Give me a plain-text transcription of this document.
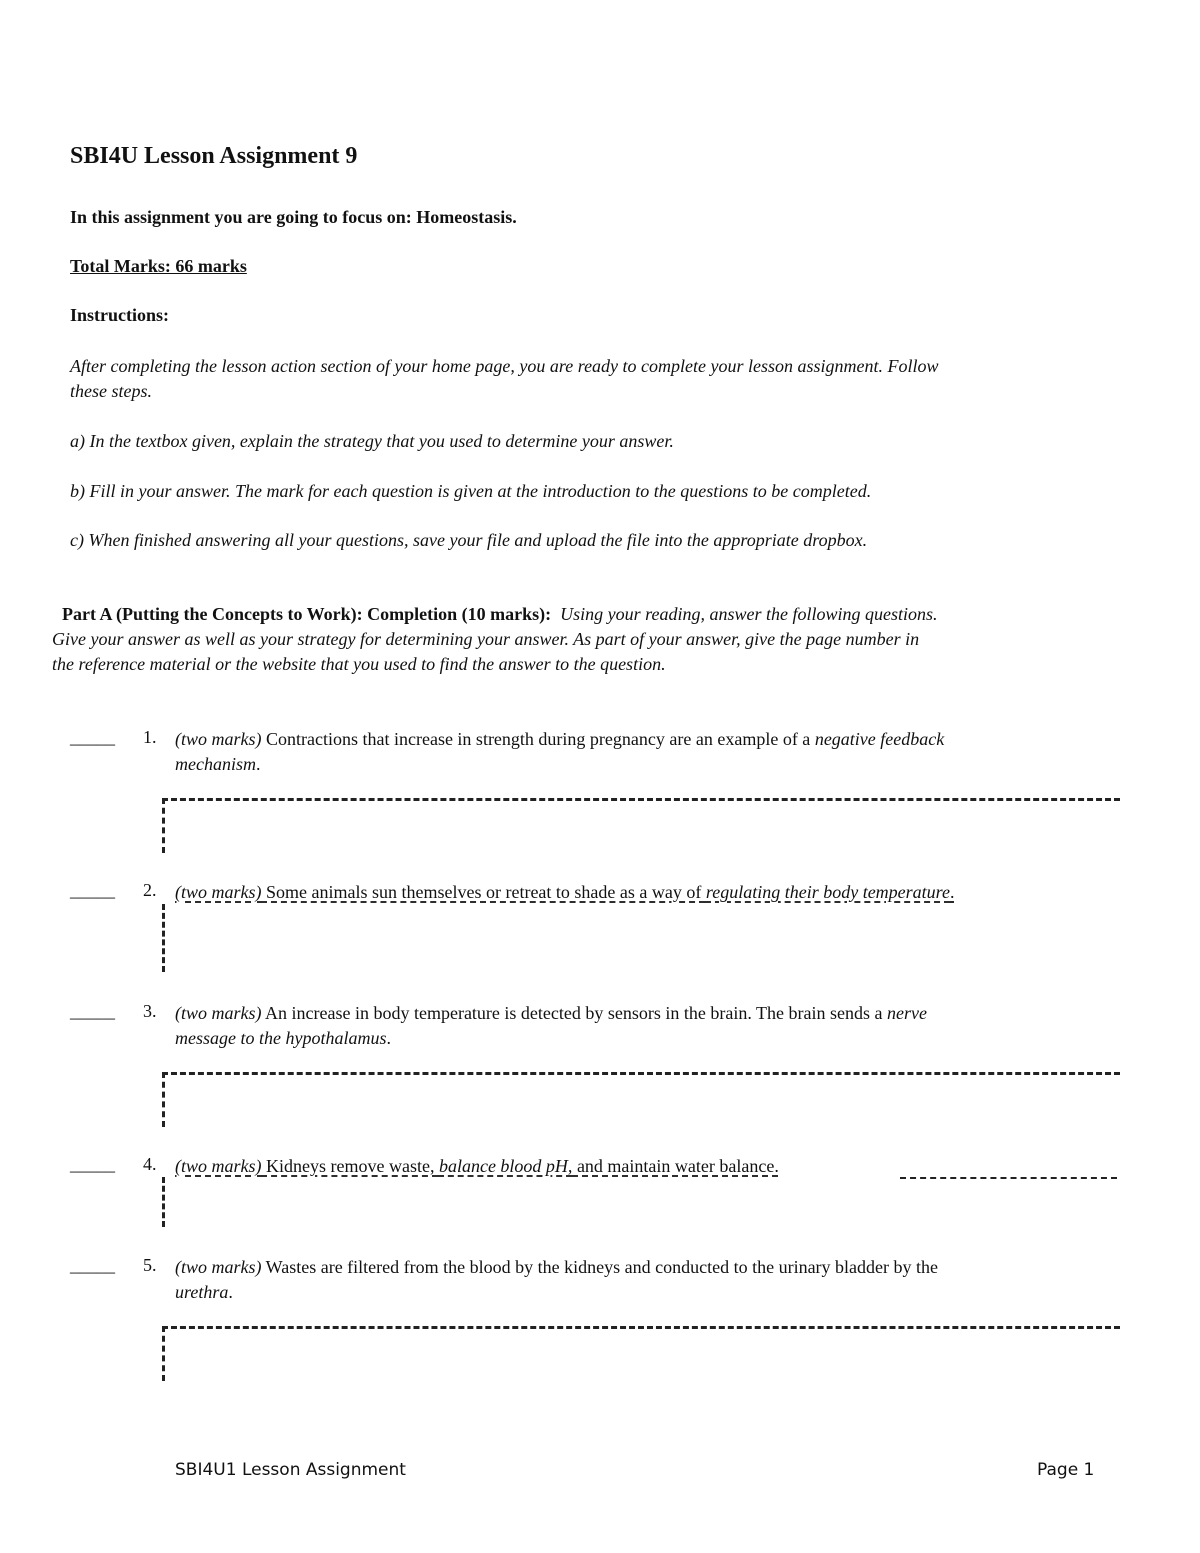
SBI4U Lesson Assignment 9
In this assignment you are going to focus on: Homeostasis.
Total Marks: 66 marks
Instructions:
After completing the lesson action section of your home page, you are ready to complete your lesson assignment. Follow
these steps.
a) In the textbox given, explain the strategy that you used to determine your answer.
b) Fill in your answer. The mark for each question is given at the introduction to the questions to be completed.
c) When finished answering all your questions, save your file and upload the file into the appropriate dropbox.
Part A (Putting the Concepts to Work): Completion (10 marks): Using your reading, answer the following questions.
Give your answer as well as your strategy for determining your answer. As part of your answer, give the page number in
the reference material or the website that you used to find the answer to the question.
_____ 1. (two marks) Contractions that increase in strength during pregnancy are an example of a negative feedback
mechanism.
_____ 2. (two marks) Some animals sun themselves or retreat to shade as a way of regulating their body temperature.
_____ 3. (two marks) An increase in body temperature is detected by sensors in the brain. The brain sends a nerve
message to the hypothalamus.
_____ 4. (two marks) Kidneys remove waste, balance blood pH, and maintain water balance.
_____ 5. (two marks) Wastes are filtered from the blood by the kidneys and conducted to the urinary bladder by the
urethra.
SBI4U1 Lesson Assignment	Page 1
